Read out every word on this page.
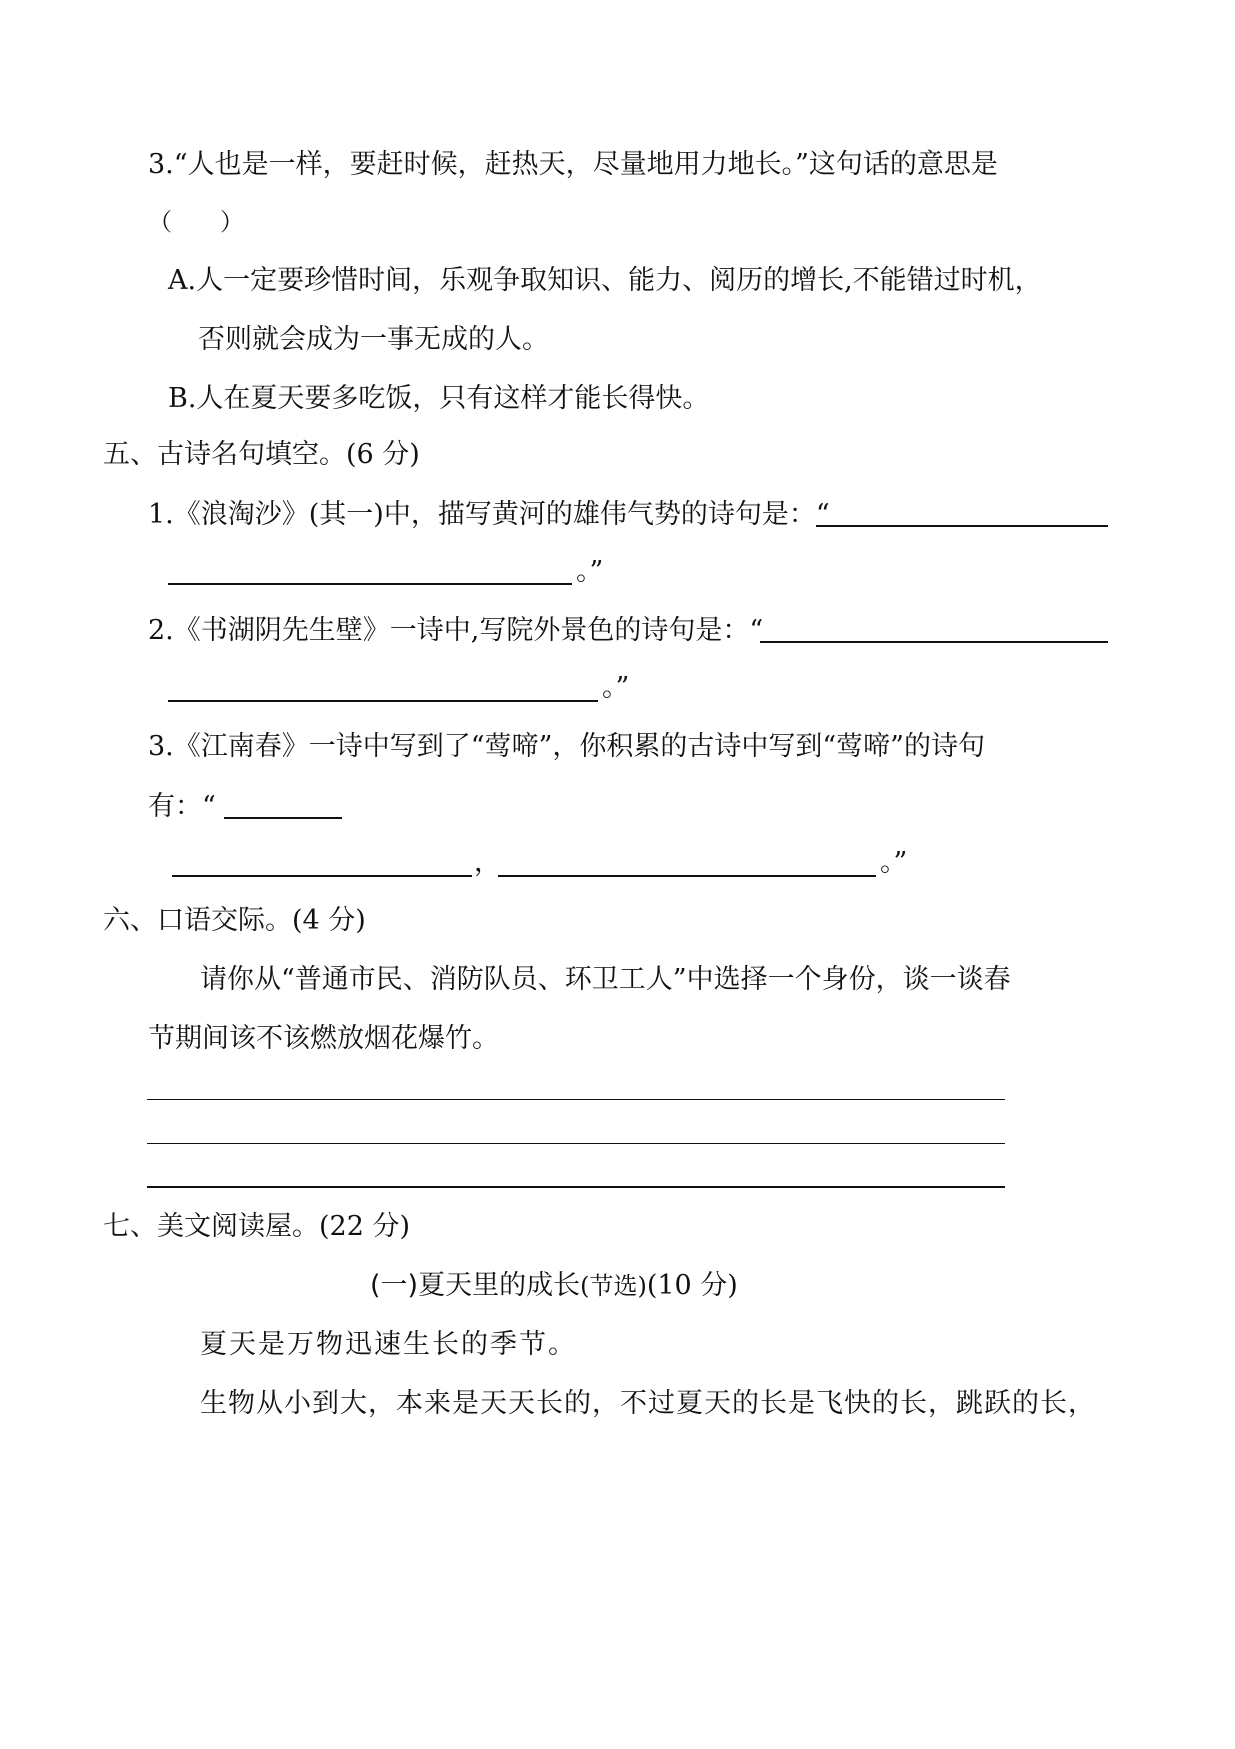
3.“人也是一样，要赶时候，赶热天，尽量地用力地长。”这句话的意思是
（　　）
A.人一定要珍惜时间，乐观争取知识、能力、阅历的增长,不能错过时机，
否则就会成为一事无成的人。
B.人在夏天要多吃饭，只有这样才能长得快。
五、古诗名句填空。(6 分)
1.《浪淘沙》(其一)中，描写黄河的雄伟气势的诗句是：“
。”
2.《书湖阴先生壁》一诗中,写院外景色的诗句是：“
。”
3.《江南春》一诗中写到了“莺啼”，你积累的古诗中写到“莺啼”的诗句
有：“
，	。”
六、口语交际。(4 分)
请你从“普通市民、消防队员、环卫工人”中选择一个身份，谈一谈春
节期间该不该燃放烟花爆竹。
七、美文阅读屋。(22 分)
(一)夏天里的成长(节选)(10 分)
夏天是万物迅速生长的季节。
生物从小到大，本来是天天长的，不过夏天的长是飞快的长，跳跃的长，
